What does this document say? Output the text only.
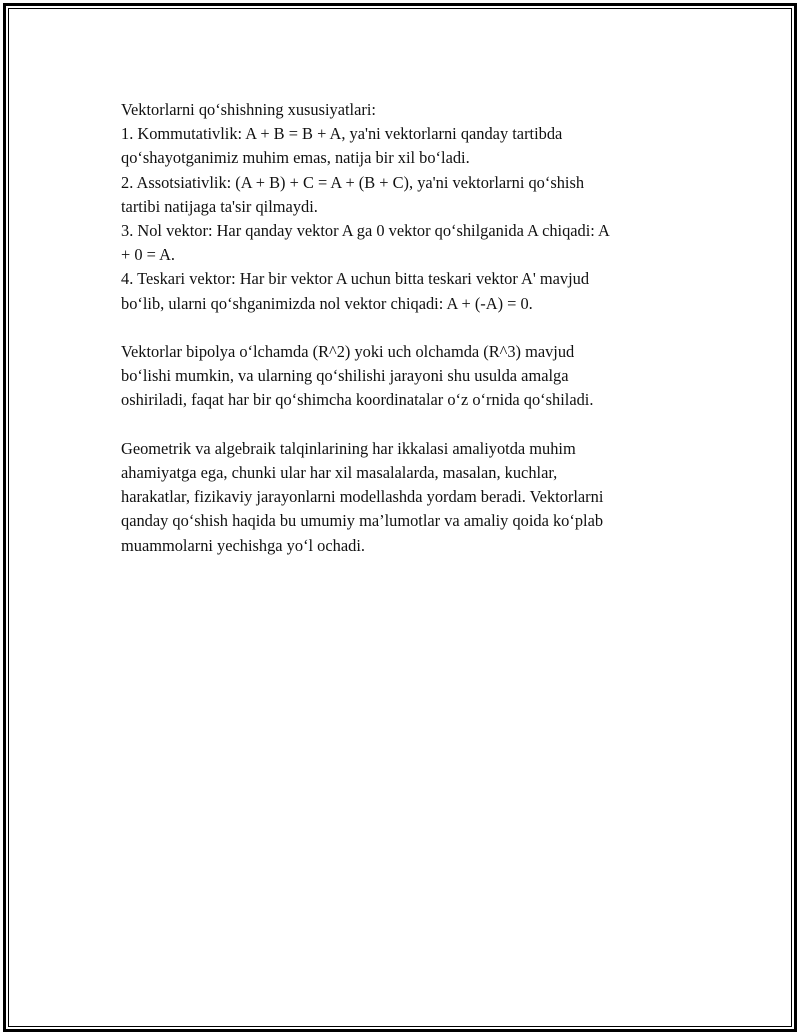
Vektorlarni qo‘shishning xususiyatlari:
1. Kommutativlik: A + B = B + A, ya'ni vektorlarni qanday tartibda
qo‘shayotganimiz muhim emas, natija bir xil bo‘ladi.
2. Assotsiativlik: (A + B) + C = A + (B + C), ya'ni vektorlarni qo‘shish
tartibi natijaga ta'sir qilmaydi.
3. Nol vektor: Har qanday vektor A ga 0 vektor qo‘shilganida A chiqadi: A
+ 0 = A.
4. Teskari vektor: Har bir vektor A uchun bitta teskari vektor A' mavjud
bo‘lib, ularni qo‘shganimizda nol vektor chiqadi: A + (-A) = 0.
Vektorlar bipolya o‘lchamda (R^2) yoki uch olchamda (R^3) mavjud
bo‘lishi mumkin, va ularning qo‘shilishi jarayoni shu usulda amalga
oshiriladi, faqat har bir qo‘shimcha koordinatalar o‘z o‘rnida qo‘shiladi.
Geometrik va algebraik talqinlarining har ikkalasi amaliyotda muhim
ahamiyatga ega, chunki ular har xil masalalarda, masalan, kuchlar,
harakatlar, fizikaviy jarayonlarni modellashda yordam beradi. Vektorlarni
qanday qo‘shish haqida bu umumiy ma’lumotlar va amaliy qoida ko‘plab
muammolarni yechishga yo‘l ochadi.
